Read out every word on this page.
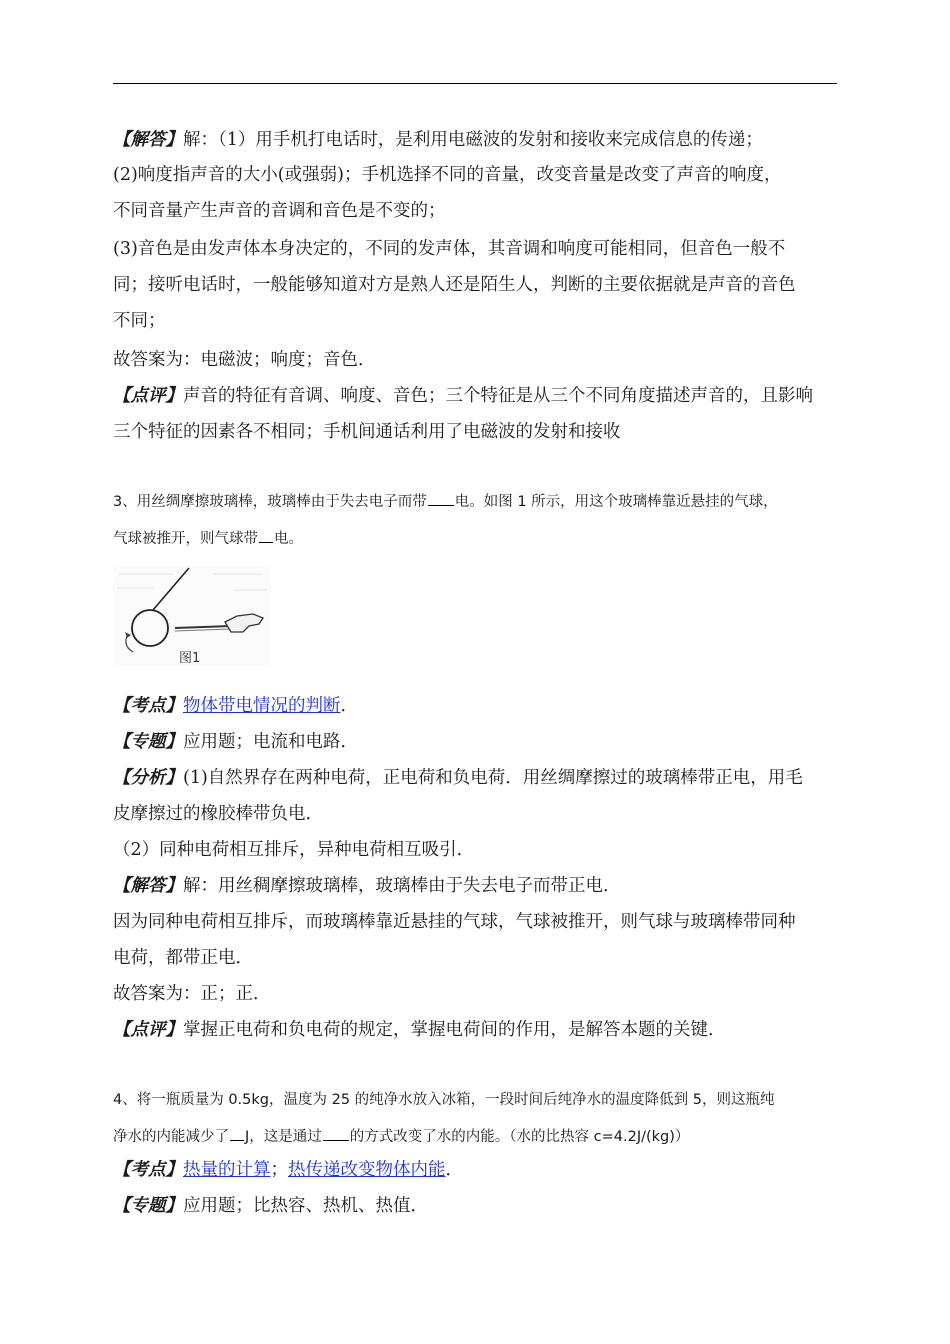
【解答】解：（1）用手机打电话时，是利用电磁波的发射和接收来完成信息的传递；
(2)响度指声音的大小(或强弱)；手机选择不同的音量，改变音量是改变了声音的响度，
不同音量产生声音的音调和音色是不变的；
(3)音色是由发声体本身决定的，不同的发声体，其音调和响度可能相同，但音色一般不
同；接听电话时，一般能够知道对方是熟人还是陌生人，判断的主要依据就是声音的音色
不同；
故答案为：电磁波；响度；音色．
【点评】声音的特征有音调、响度、音色；三个特征是从三个不同角度描述声音的，且影响
三个特征的因素各不相同；手机间通话利用了电磁波的发射和接收
3、用丝绸摩擦玻璃棒，玻璃棒由于失去电子而带 电。如图 1 所示，用这个玻璃棒靠近悬挂的气球，
气球被推开，则气球带 电。
图1
【考点】物体带电情况的判断．
【专题】应用题；电流和电路．
【分析】(1)自然界存在两种电荷，正电荷和负电荷．用丝绸摩擦过的玻璃棒带正电，用毛
皮摩擦过的橡胶棒带负电．
（2）同种电荷相互排斥，异种电荷相互吸引．
【解答】解：用丝稠摩擦玻璃棒，玻璃棒由于失去电子而带正电．
因为同种电荷相互排斥，而玻璃棒靠近悬挂的气球，气球被推开，则气球与玻璃棒带同种
电荷，都带正电．
故答案为：正；正．
【点评】掌握正电荷和负电荷的规定，掌握电荷间的作用，是解答本题的关键．
4、将一瓶质量为 0.5kg，温度为 25 的纯净水放入冰箱，一段时间后纯净水的温度降低到 5，则这瓶纯
净水的内能减少了 J，这是通过 的方式改变了水的内能。（水的比热容 c=4.2J/(kg)）
【考点】热量的计算；热传递改变物体内能．
【专题】应用题；比热容、热机、热值．
